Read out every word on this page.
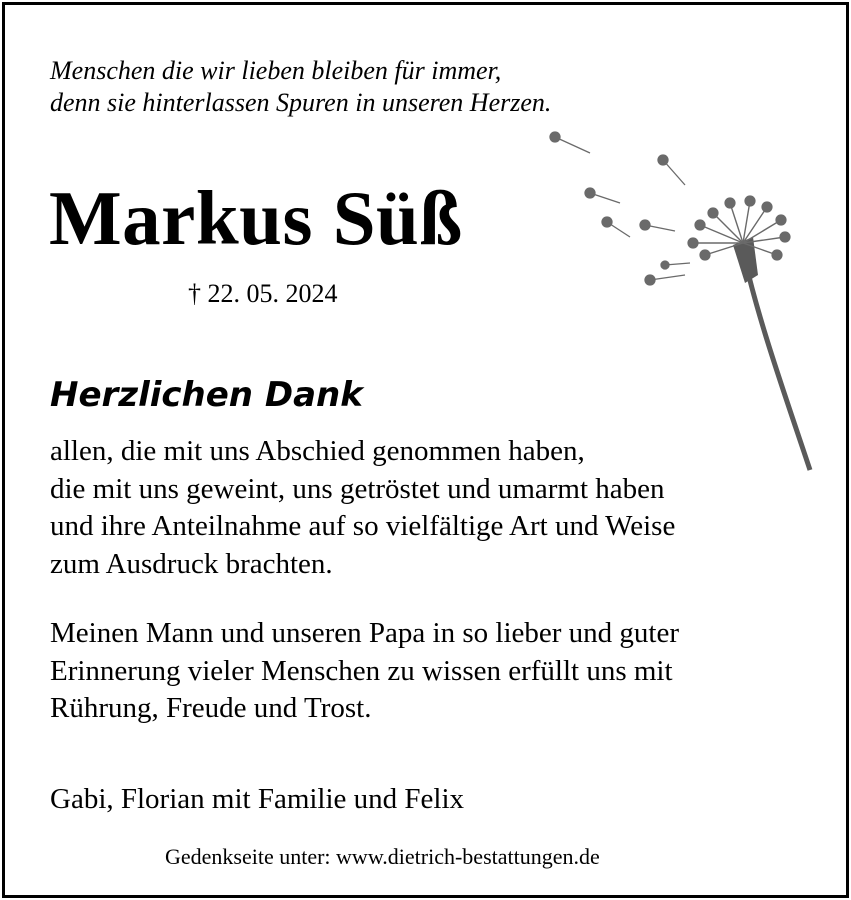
Menschen die wir lieben bleiben für immer,
denn sie hinterlassen Spuren in unseren Herzen.

Markus Süß
† 22. 05. 2024
Herzlichen Dank

allen, die mit uns Abschied genommen haben,
die mit uns geweint, uns getröstet und umarmt haben
und ihre Anteilnahme auf so vielfältige Art und Weise
zum Ausdruck brachten.

Meinen Mann und unseren Papa in so lieber und guter
Erinnerung vieler Menschen zu wissen erfüllt uns mit
Rührung, Freude und Trost.

Gabi, Florian mit Familie und Felix

Gedenkseite unter: www.dietrich-bestattungen.de
